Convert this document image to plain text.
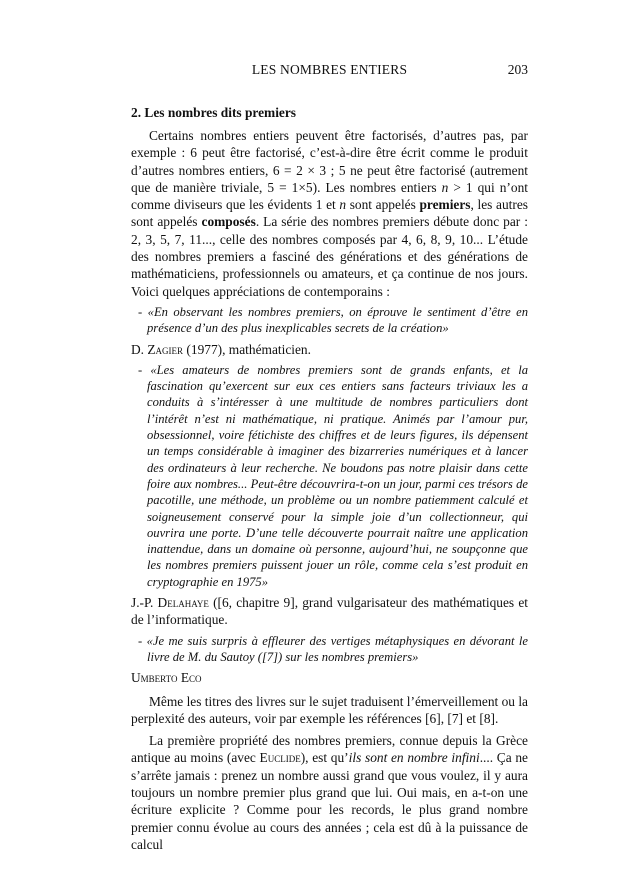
LES NOMBRES ENTIERS	203
2. Les nombres dits premiers

Certains nombres entiers peuvent être factorisés, d’autres pas, par exemple : 6 peut être factorisé, c’est-à-dire être écrit comme le produit d’autres nombres entiers, 6 = 2 × 3 ; 5 ne peut être factorisé (autrement que de manière triviale, 5 = 1×5). Les nombres entiers n > 1 qui n’ont comme diviseurs que les évidents 1 et n sont appelés premiers, les autres sont appelés composés. La série des nombres premiers débute donc par : 2, 3, 5, 7, 11..., celle des nombres composés par 4, 6, 8, 9, 10... L’étude des nombres premiers a fasciné des générations et des générations de mathématiciens, professionnels ou amateurs, et ça continue de nos jours. Voici quelques appréciations de contemporains :

- «En observant les nombres premiers, on éprouve le sentiment d’être en présence d’un des plus inexplicables secrets de la création»

D. Zagier (1977), mathématicien.

- «Les amateurs de nombres premiers sont de grands enfants, et la fascination qu’exercent sur eux ces entiers sans facteurs triviaux les a conduits à s’intéresser à une multitude de nombres particuliers dont l’intérêt n’est ni mathématique, ni pratique. Animés par l’amour pur, obsessionnel, voire fétichiste des chiffres et de leurs figures, ils dépensent un temps considérable à imaginer des bizarreries numériques et à lancer des ordinateurs à leur recherche. Ne boudons pas notre plaisir dans cette foire aux nombres... Peut-être découvrira-t-on un jour, parmi ces trésors de pacotille, une méthode, un problème ou un nombre patiemment calculé et soigneusement conservé pour la simple joie d’un collectionneur, qui ouvrira une porte. D’une telle découverte pourrait naître une application inattendue, dans un domaine où personne, aujourd’hui, ne soupçonne que les nombres premiers puissent jouer un rôle, comme cela s’est produit en cryptographie en 1975»

J.-P. Delahaye ([6, chapitre 9], grand vulgarisateur des mathématiques et de l’informatique.

- «Je me suis surpris à effleurer des vertiges métaphysiques en dévorant le livre de M. du Sautoy ([7]) sur les nombres premiers»

Umberto Eco

Même les titres des livres sur le sujet traduisent l’émerveillement ou la perplexité des auteurs, voir par exemple les références [6], [7] et [8].

La première propriété des nombres premiers, connue depuis la Grèce antique au moins (avec Euclide), est qu’ils sont en nombre infini.... Ça ne s’arrête jamais : prenez un nombre aussi grand que vous voulez, il y aura toujours un nombre premier plus grand que lui. Oui mais, en a-t-on une écriture explicite ? Comme pour les records, le plus grand nombre premier connu évolue au cours des années ; cela est dû à la puissance de calcul
